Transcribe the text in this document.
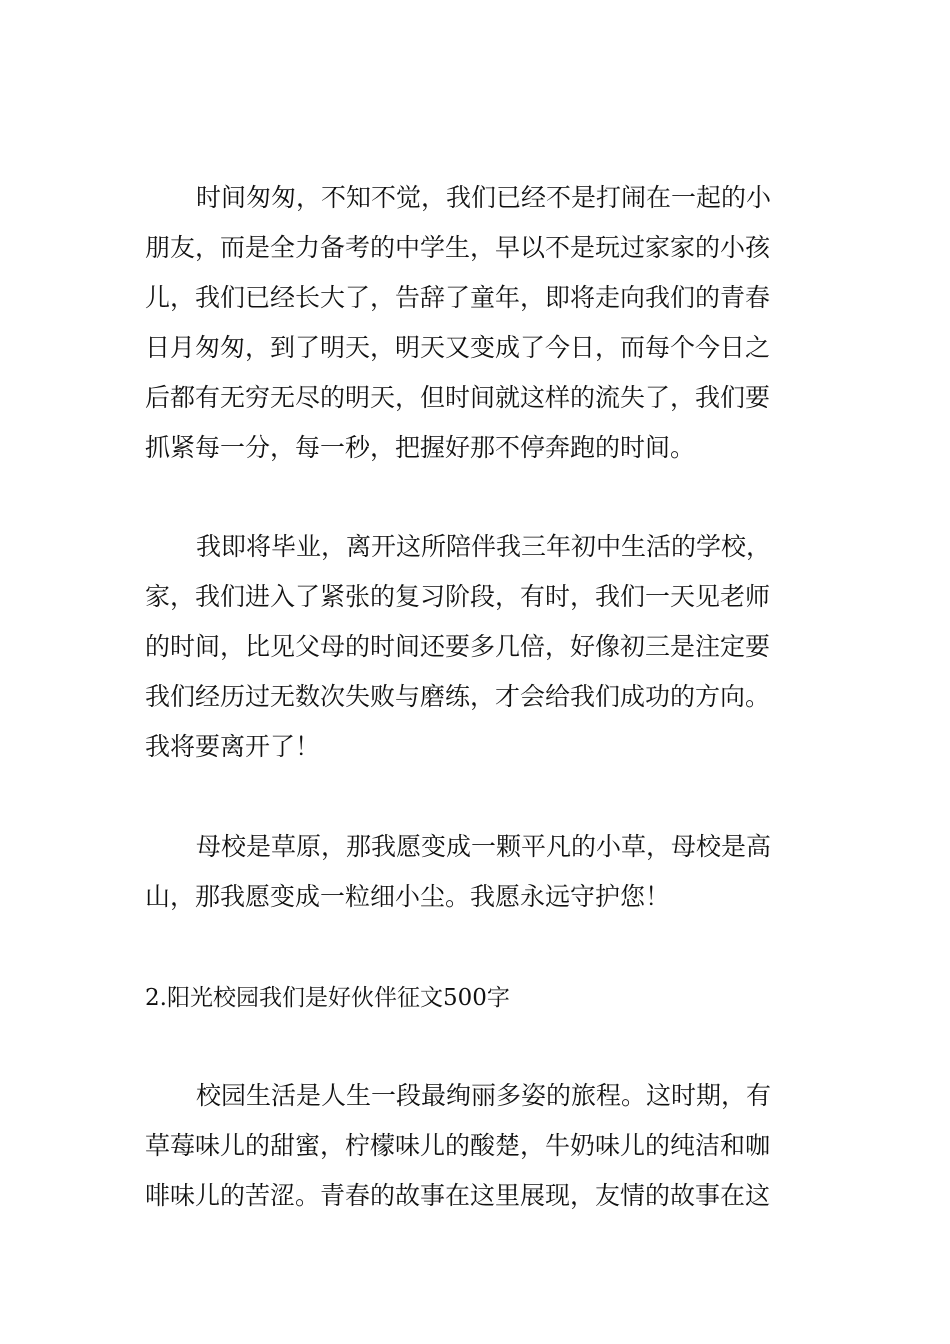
时间匆匆，不知不觉，我们已经不是打闹在一起的小
朋友，而是全力备考的中学生，早以不是玩过家家的小孩
儿，我们已经长大了，告辞了童年，即将走向我们的青春
日月匆匆，到了明天，明天又变成了今日，而每个今日之
后都有无穷无尽的明天，但时间就这样的流失了，我们要
抓紧每一分，每一秒，把握好那不停奔跑的时间。
我即将毕业，离开这所陪伴我三年初中生活的学校，
家，我们进入了紧张的复习阶段，有时，我们一天见老师
的时间，比见父母的时间还要多几倍，好像初三是注定要
我们经历过无数次失败与磨练，才会给我们成功的方向。
我将要离开了！
母校是草原，那我愿变成一颗平凡的小草，母校是高
山，那我愿变成一粒细小尘。我愿永远守护您！
2.阳光校园我们是好伙伴征文500字
校园生活是人生一段最绚丽多姿的旅程。这时期，有
草莓味儿的甜蜜，柠檬味儿的酸楚，牛奶味儿的纯洁和咖
啡味儿的苦涩。青春的故事在这里展现，友情的故事在这
